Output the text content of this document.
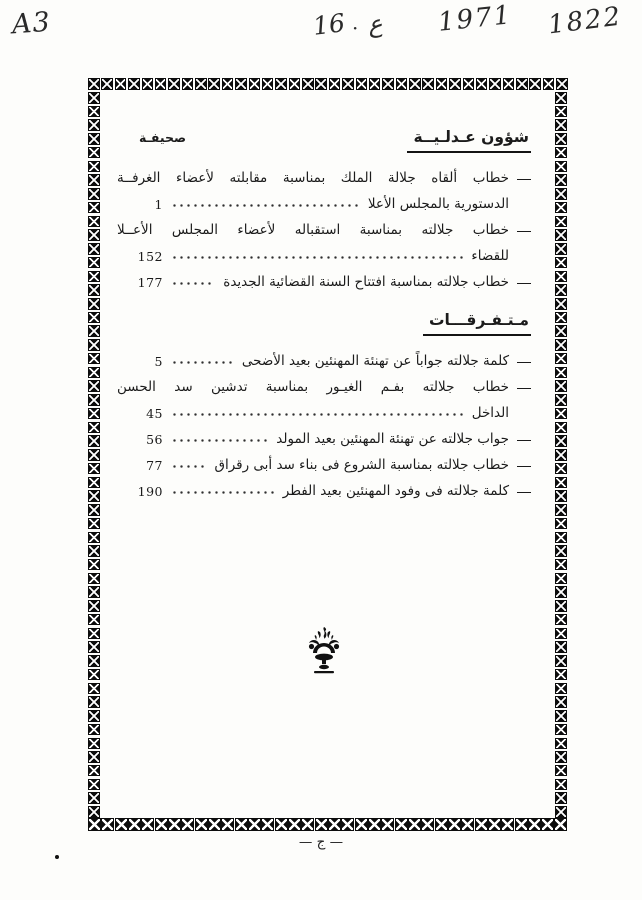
A3	16 · ع 1971 1822
شؤون عـدلـيــة
صحيفـة
خطاب ألقاه جلالة الملك بمناسبة مقابلته لأعضاء الغرفــة
الدستورية بالمجلس الأعلا
1
خطاب جلالته بمناسبة استقباله لأعضاء المجلس الأعــلا
للقضاء
152
خطاب جلالته بمناسبة افتتاح السنة القضائية الجديدة
177
مـتـفـرقـــات
كلمة جلالته جواباً عن تهنئة المهنئين بعيد الأضحى
5
خطاب جلالته بفـم الغيـور بمناسبة تدشين سد الحسن
الداخل
45
جواب جلالته عن تهنئة المهنئين بعيد المولد
56
خطاب جلالته بمناسبة الشروع فى بناء سد أبى رقراق
77
كلمة جلالته فى وفود المهنئين بعيد الفطر
190
— ج —
